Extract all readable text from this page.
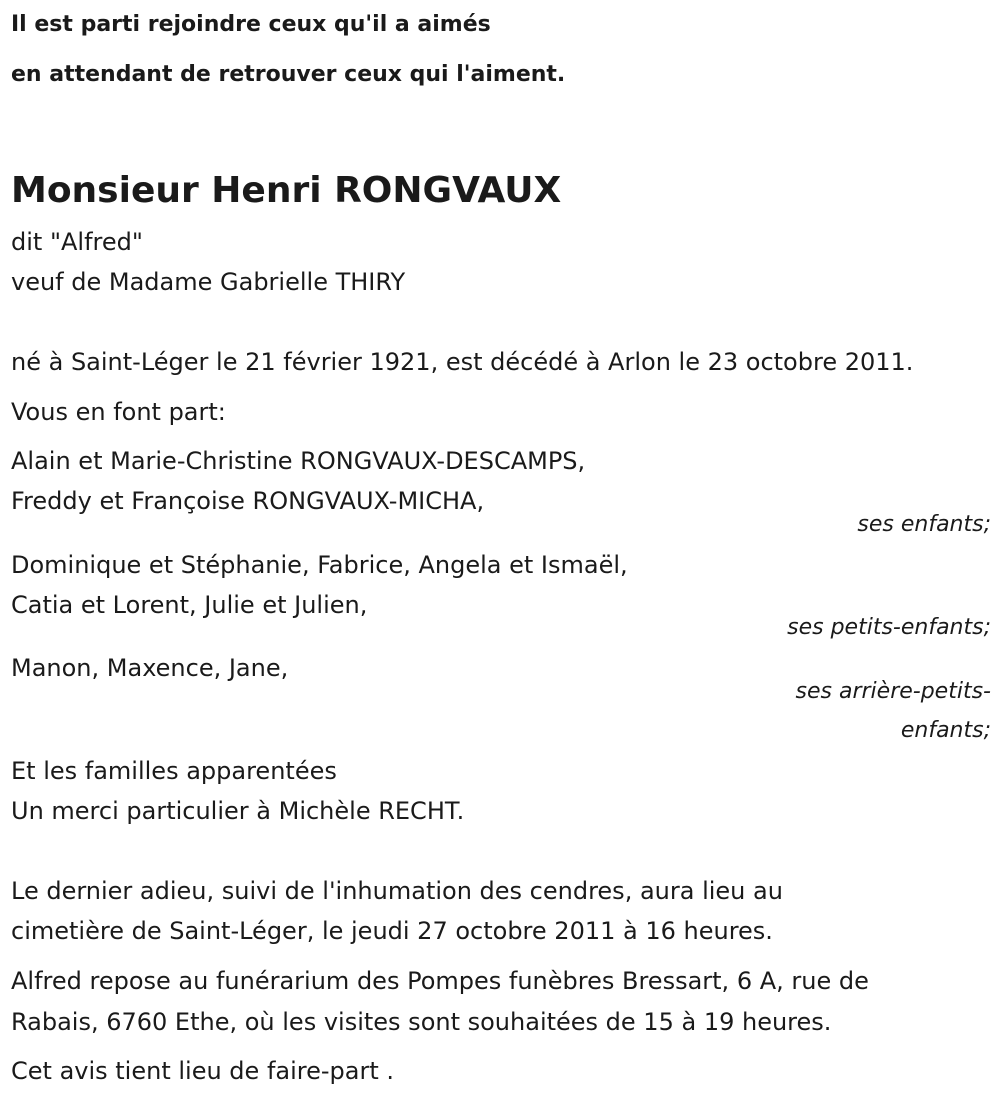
Il est parti rejoindre ceux qu'il a aimés

en attendant de retrouver ceux qui l'aiment.

Monsieur Henri RONGVAUX

dit "Alfred"

veuf de Madame Gabrielle THIRY

né à Saint-Léger le 21 février 1921, est décédé à Arlon le 23 octobre 2011.

Vous en font part:

Alain et Marie-Christine RONGVAUX-DESCAMPS,

Freddy et Françoise RONGVAUX-MICHA,

ses enfants;

Dominique et Stéphanie, Fabrice, Angela et Ismaël,

Catia et Lorent, Julie et Julien,

ses petits-enfants;

Manon, Maxence, Jane,

ses arrière-petits-

enfants;

Et les familles apparentées

Un merci particulier à Michèle RECHT.

Le dernier adieu, suivi de l'inhumation des cendres, aura lieu au

cimetière de Saint-Léger, le jeudi 27 octobre 2011 à 16 heures.

Alfred repose au funérarium des Pompes funèbres Bressart, 6 A, rue de

Rabais, 6760 Ethe, où les visites sont souhaitées de 15 à 19 heures.

Cet avis tient lieu de faire-part .
